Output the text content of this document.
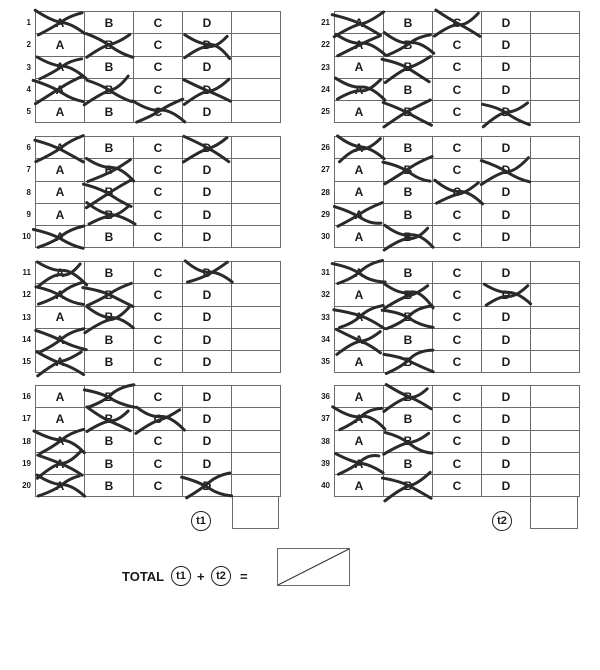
1 A	B	C	D
2 A	B	C	D
3 A	B	C	D
4 A	B	C	D
5 A	B	C	D
6 A	B	C	D
7 A	B	C	D
8 A	B	C	D
9 A	B	C	D
10 A	B	C	D
11 A	B	C	D
12 A	B	C	D
13 A	B	C	D
14 A	B	C	D
15 A	B	C	D
16 A	B	C	D
17 A	B	C	D
18 A	B	C	D
19 A	B	C	D
20 A	B	C	D
21 A	B	C	D
22 A	B	C	D
23 A	B	C	D
24 A	B	C	D
25 A	B	C	D
26 A	B	C	D
27 A	B	C	D
28 A	B	C	D
29 A	B	C	D
30 A	B	C	D
31 A	B	C	D
32 A	B	C	D
33 A	B	C	D
34 A	B	C	D
35 A	B	C	D
36 A	B	C	D
37 A	B	C	D
38 A	B	C	D
39 A	B	C	D
40 A	B	C	D
t1	t2
TOTAL	t1 +	t2	=
